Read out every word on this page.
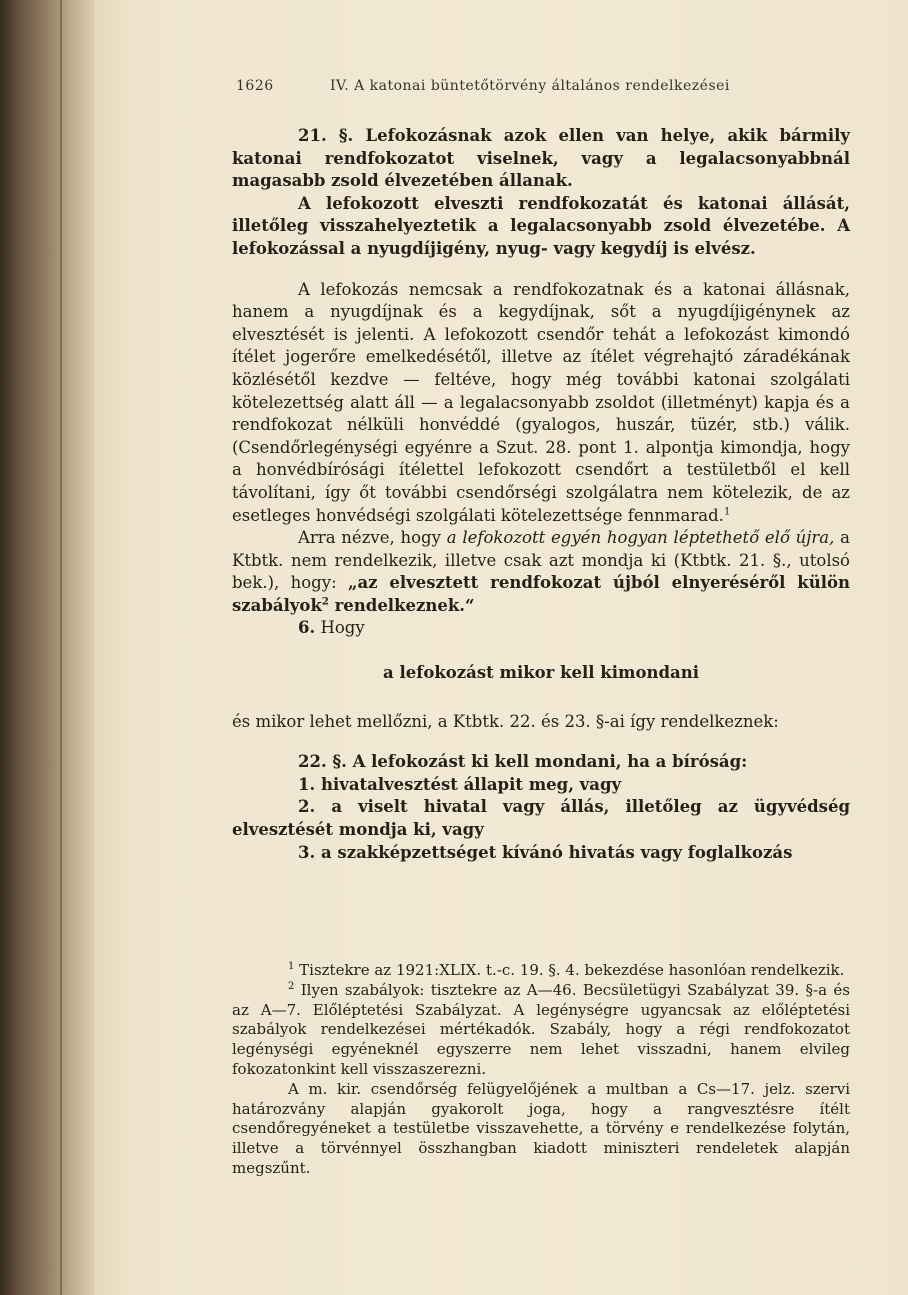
1626	IV. A katonai büntetőtörvény általános rendelkezései

21. §. Lefokozásnak azok ellen van helye, akik bármily katonai rendfokozatot viselnek, vagy a legalacsonyabbnál magasabb zsold élvezetében állanak.

A lefokozott elveszti rendfokozatát és katonai állását, illetőleg visszahelyeztetik a legalacsonyabb zsold élvezetébe. A lefokozással a nyugdíjigény, nyug- vagy kegydíj is elvész.

A lefokozás nemcsak a rendfokozatnak és a katonai állásnak, hanem a nyugdíjnak és a kegydíjnak, sőt a nyugdíjigénynek az elvesztését is jelenti. A lefokozott csendőr tehát a lefokozást kimondó ítélet jogerőre emelkedésétől, illetve az ítélet végrehajtó záradékának közlésétől kezdve — feltéve, hogy még további katonai szolgálati kötelezettség alatt áll — a legalacsonyabb zsoldot (illetményt) kapja és a rendfokozat nélküli honvéddé (gyalogos, huszár, tüzér, stb.) válik. (Csendőrlegénységi egyénre a Szut. 28. pont 1. alpontja kimondja, hogy a honvédbírósági ítélettel lefokozott csendőrt a testületből el kell távolítani, így őt további csendőrségi szolgálatra nem kötelezik, de az esetleges honvédségi szolgálati kötelezettsége fennmarad.$^1$

Arra nézve, hogy a lefokozott egyén hogyan léptethető elő újra, a Ktbtk. nem rendelkezik, illetve csak azt mondja ki (Ktbtk. 21. §., utolsó bek.), hogy: „az elvesztett rendfokozat újból elnyeréséről külön szabályok$^2$ rendelkeznek.“

6. Hogy

a lefokozást mikor kell kimondani

és mikor lehet mellőzni, a Ktbtk. 22. és 23. §-ai így rendelkeznek:

22. §. A lefokozást ki kell mondani, ha a bíróság:

1. hivatalvesztést állapit meg, vagy

2. a viselt hivatal vagy állás, illetőleg az ügyvédség elvesztését mondja ki, vagy

3. a szakképzettséget kívánó hivatás vagy foglalkozás

$^1$ Tisztekre az 1921:XLIX. t.-c. 19. §. 4. bekezdése hasonlóan rendelkezik.

$^2$ Ilyen szabályok: tisztekre az A—46. Becsületügyi Szabályzat 39. §-a és az A—7. Előléptetési Szabályzat. A legénységre ugyancsak az előléptetési szabályok rendelkezései mértékadók. Szabály, hogy a régi rendfokozatot legénységi egyéneknél egyszerre nem lehet visszadni, hanem elvileg fokozatonkint kell visszaszerezni.

A m. kir. csendőrség felügyelőjének a multban a Cs—17. jelz. szervi határozvány alapján gyakorolt joga, hogy a rangvesztésre ítélt csendőregyéneket a testületbe visszavehette, a törvény e rendelkezése folytán, illetve a törvénnyel összhangban kiadott miniszteri rendeletek alapján megszűnt.
